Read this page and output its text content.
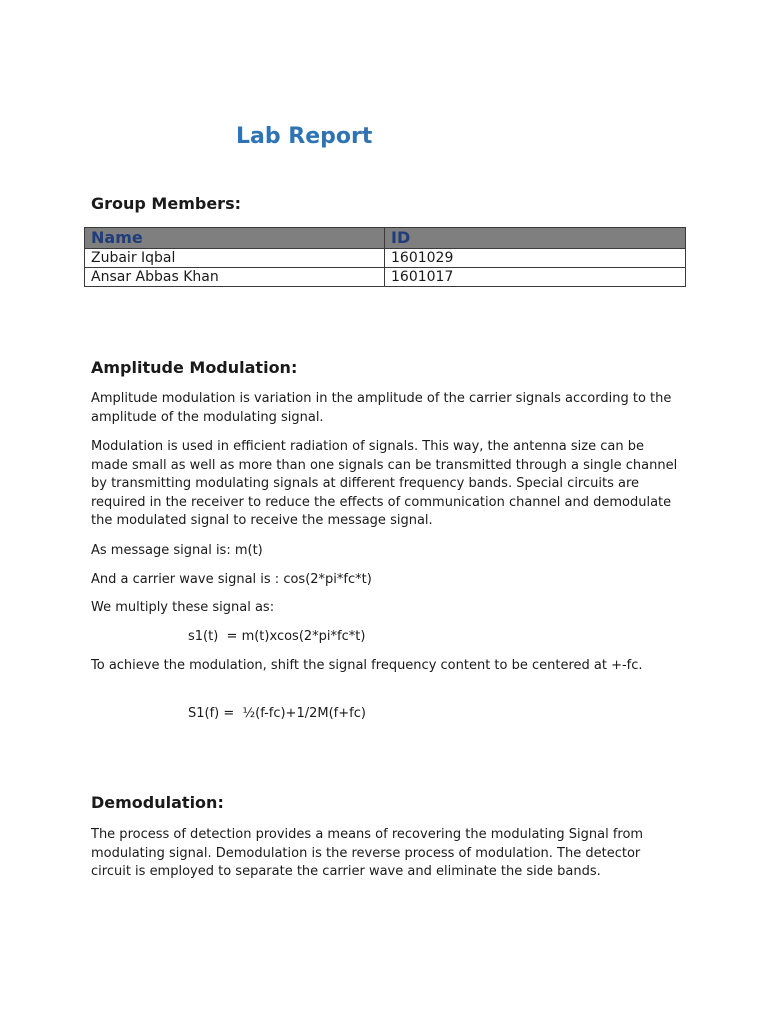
Lab Report
Group Members:
Name	ID
Zubair Iqbal	1601029
Ansar Abbas Khan	1601017
Amplitude Modulation:

Amplitude modulation is variation in the amplitude of the carrier signals according to the amplitude of the modulating signal.

Modulation is used in efficient radiation of signals. This way, the antenna size can be made small as well as more than one signals can be transmitted through a single channel by transmitting modulating signals at different frequency bands. Special circuits are required in the receiver to reduce the effects of communication channel and demodulate the modulated signal to receive the message signal.

As message signal is: m(t)

And a carrier wave signal is : cos(2*pi*fc*t)

We multiply these signal as:

s1(t)  = m(t)xcos(2*pi*fc*t)

To achieve the modulation, shift the signal frequency content to be centered at +-fc.

S1(f) =  ½(f-fc)+1/2M(f+fc)

Demodulation:

The process of detection provides a means of recovering the modulating Signal from modulating signal. Demodulation is the reverse process of modulation. The detector circuit is employed to separate the carrier wave and eliminate the side bands.
